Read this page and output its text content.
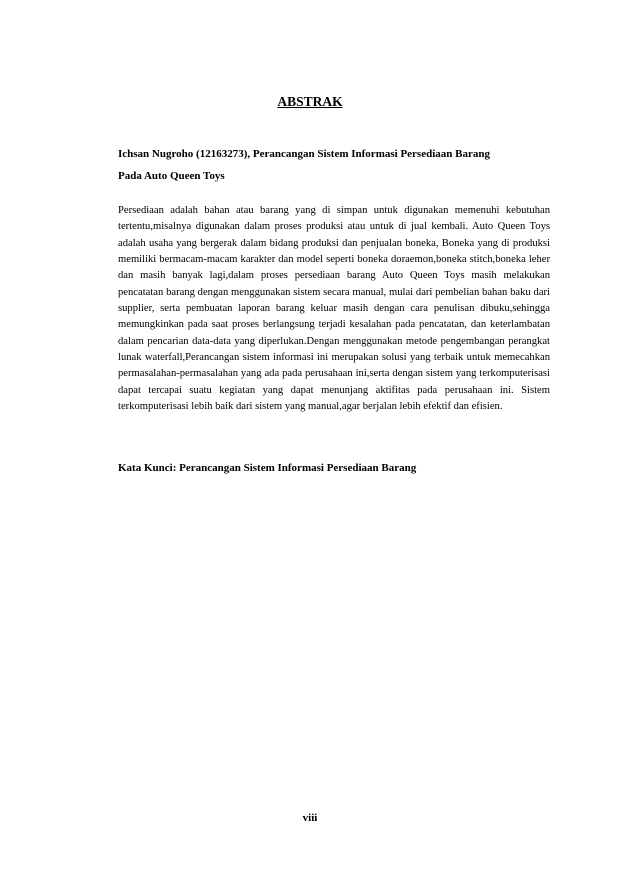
ABSTRAK
Ichsan Nugroho (12163273), Perancangan Sistem Informasi Persediaan Barang
Pada Auto Queen Toys

Persediaan adalah bahan atau barang yang di simpan untuk digunakan memenuhi kebutuhan tertentu,misalnya digunakan dalam proses produksi atau untuk di jual kembali. Auto Queen Toys adalah usaha yang bergerak dalam bidang produksi dan penjualan boneka, Boneka yang di produksi memiliki bermacam-macam karakter dan model seperti boneka doraemon,boneka stitch,boneka leher dan masih banyak lagi,dalam proses persediaan barang Auto Queen Toys masih melakukan pencatatan barang dengan menggunakan sistem secara manual, mulai dari pembelian bahan baku dari supplier, serta pembuatan laporan barang keluar masih dengan cara penulisan dibuku,sehingga memungkinkan pada saat proses berlangsung terjadi kesalahan pada pencatatan, dan keterlambatan dalam pencarian data-data yang diperlukan.Dengan menggunakan metode pengembangan perangkat lunak waterfall,Perancangan sistem informasi ini merupakan solusi yang terbaik untuk memecahkan permasalahan-permasalahan yang ada pada perusahaan ini,serta dengan sistem yang terkomputerisasi dapat tercapai suatu kegiatan yang dapat menunjang aktifitas pada perusahaan ini. Sistem terkomputerisasi lebih baik dari sistem yang manual,agar berjalan lebih efektif dan efisien.

Kata Kunci: Perancangan Sistem Informasi Persediaan Barang
viii
